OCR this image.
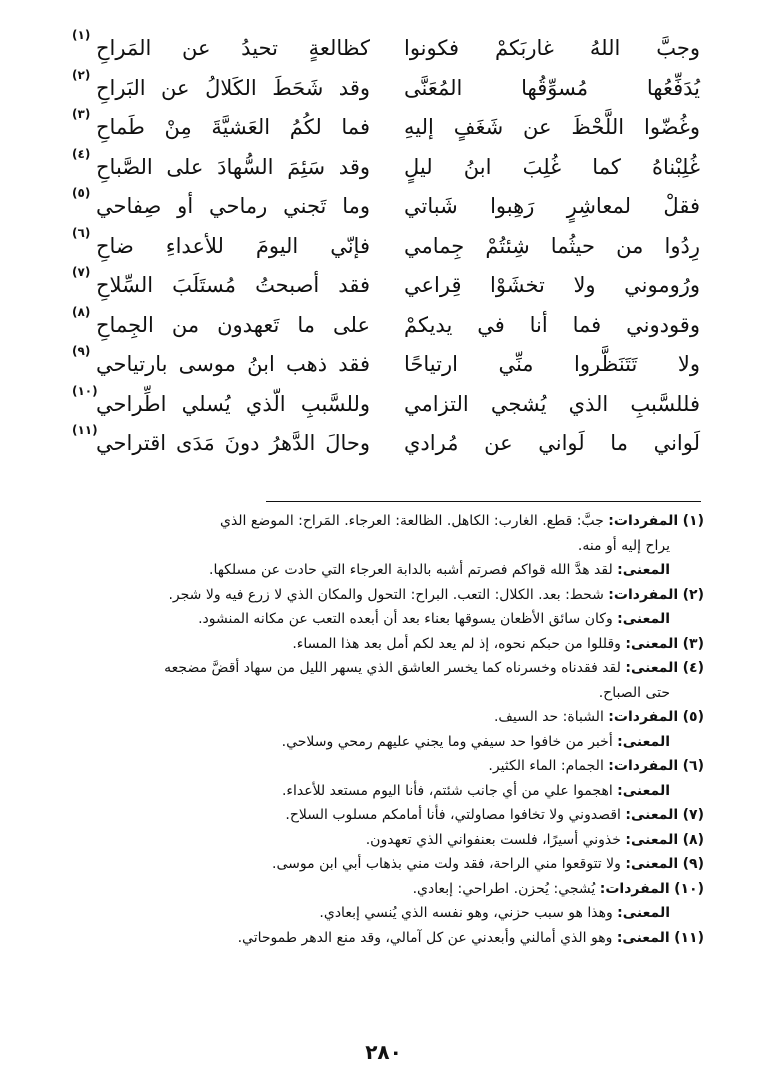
وجبَّ اللهُ غاربَكمْ فكونوا
كظالعةٍ تحيدُ عن المَراحِ
(١)
يُدَفِّعُها مُسوِّقُها المُعَنَّى
وقد شَحَطَ الكَلالُ عن البَراحِ
(٢)
وغُضّوا اللَّحْظَ عن شَغَفٍ إليهِ
فما لكُمُ العَشيَّةَ مِنْ طَماحِ
(٣)
غُلِبْناهُ كما غُلِبَ ابنُ ليلٍ
وقد سَئِمَ السُّهادَ على الصَّباحِ
(٤)
فقلْ لمعاشِرٍ رَهِبوا شَباتي
وما تَجني رماحي أو صِفاحي
(٥)
رِدُوا من حيثُما شِئتُمْ جِمامي
فإنّي اليومَ للأعداءِ ضاحِ
(٦)
ورُوموني ولا تخشَوْا قِراعي
فقد أصبحتُ مُستَلَبَ السِّلاحِ
(٧)
وقودوني فما أنا في يديكمْ
على ما تَعهدون من الجِماحِ
(٨)
ولا تَتَنَظَّروا منِّي ارتياحًا
فقد ذهب ابنُ موسى بارتياحي
(٩)
فللسَّببِ الذي يُشجي التزامي
وللسَّببِ الّذي يُسلي اطِّراحي
(١٠)
لَواني ما لَواني عن مُرادي
وحالَ الدَّهرُ دونَ مَدَى اقتراحي
(١١)
(١) المفردات: جبَّ: قطع. الغارب: الكاهل. الظالعة: العرجاء. المَراح: الموضع الذي
يراح إليه أو منه.
المعنى: لقد هدَّ الله قواكم فصرتم أشبه بالدابة العرجاء التي حادت عن مسلكها.
(٢) المفردات: شحط: بعد. الكلال: التعب. البراح: التحول والمكان الذي لا زرع فيه ولا شجر.
المعنى: وكان سائق الأظعان يسوقها بعناء بعد أن أبعده التعب عن مكانه المنشود.
(٣) المعنى: وقللوا من حبكم نحوه، إذ لم يعد لكم أمل بعد هذا المساء.
(٤) المعنى: لقد فقدناه وخسرناه كما يخسر العاشق الذي يسهر الليل من سهاد أقضَّ مضجعه
حتى الصباح.
(٥) المفردات: الشباة: حد السيف.
المعنى: أخبر من خافوا حد سيفي وما يجني عليهم رمحي وسلاحي.
(٦) المفردات: الجمام: الماء الكثير.
المعنى: اهجموا علي من أي جانب شئتم، فأنا اليوم مستعد للأعداء.
(٧) المعنى: اقصدوني ولا تخافوا مصاولتي، فأنا أمامكم مسلوب السلاح.
(٨) المعنى: خذوني أسيرًا، فلست بعنفواني الذي تعهدون.
(٩) المعنى: ولا تتوقعوا مني الراحة، فقد ولت مني بذهاب أبي ابن موسى.
(١٠) المفردات: يُشجي: يُحزن. اطراحي: إبعادي.
المعنى: وهذا هو سبب حزني، وهو نفسه الذي يُنسي إبعادي.
(١١) المعنى: وهو الذي أمالني وأبعدني عن كل آمالي، وقد منع الدهر طموحاتي.
٢٨٠
